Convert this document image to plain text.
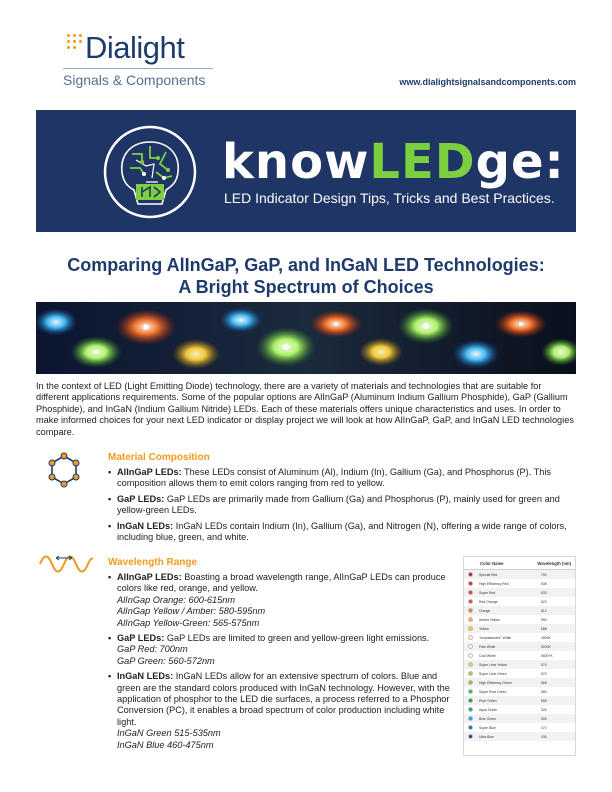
Dialight
Signals & Components	www.dialightsignalsandcomponents.com
knowLEDge:
LED Indicator Design Tips, Tricks and Best Practices.
Comparing AlInGaP, GaP, and InGaN LED Technologies:
A Bright Spectrum of Choices
In the context of LED (Light Emitting Diode) technology, there are a variety of materials and technologies that are suitable for different applications requirements. Some of the popular options are AlInGaP (Aluminum Indium Gallium Phosphide), GaP (Gallium Phosphide), and InGaN (Indium Gallium Nitride) LEDs. Each of these materials offers unique characteristics and uses. In order to make informed choices for your next LED indicator or display project we will look at how AlInGaP, GaP, and InGaN LED technologies compare.
Material Composition
• AlInGaP LEDs: These LEDs consist of Aluminum (Al), Indium (In), Gallium (Ga), and Phosphorus (P). This composition allows them to emit colors ranging from red to yellow.
• GaP LEDs: GaP LEDs are primarily made from Gallium (Ga) and Phosphorus (P), mainly used for green and yellow-green LEDs.
• InGaN LEDs: InGaN LEDs contain Indium (In), Gallium (Ga), and Nitrogen (N), offering a wide range of colors, including blue, green, and white.
Wavelength Range
• AlInGaP LEDs: Boasting a broad wavelength range, AlInGaP LEDs can produce colors like red, orange, and yellow.
AlInGap Orange: 600-615nm
AlInGap Yellow / Amber: 580-595nm
AlInGap Yellow-Green: 565-575nm
• GaP LEDs: GaP LEDs are limited to green and yellow-green light emissions.
GaP Red: 700nm
GaP Green: 560-572nm
• InGaN LEDs: InGaN LEDs allow for an extensive spectrum of colors. Blue and green are the standard colors produced with InGaN technology. However, with the application of phosphor to the LED die surfaces, a process referred to a Phosphor Conversion (PC), it enables a broad spectrum of color production including white light.
InGaN Green 515-535nm
InGaN Blue 460-475nm
Color Name	Wavelength (nm)
Special Red	700
High Efficiency Red	635
Super Red	633
Red Orange	623
Orange	612
Amber Yellow	590
Yellow	588
"Incandescent" White	3000K
Pale White	5000K
Cool White	6500+K
Super Lime Yellow	574
Super Lime Green	570
High Efficiency Green	565
Super Pure Green	560
Pure Green	555
Aqua Green	525
Blue Green	505
Super Blue	470
Ultra Blue	430
